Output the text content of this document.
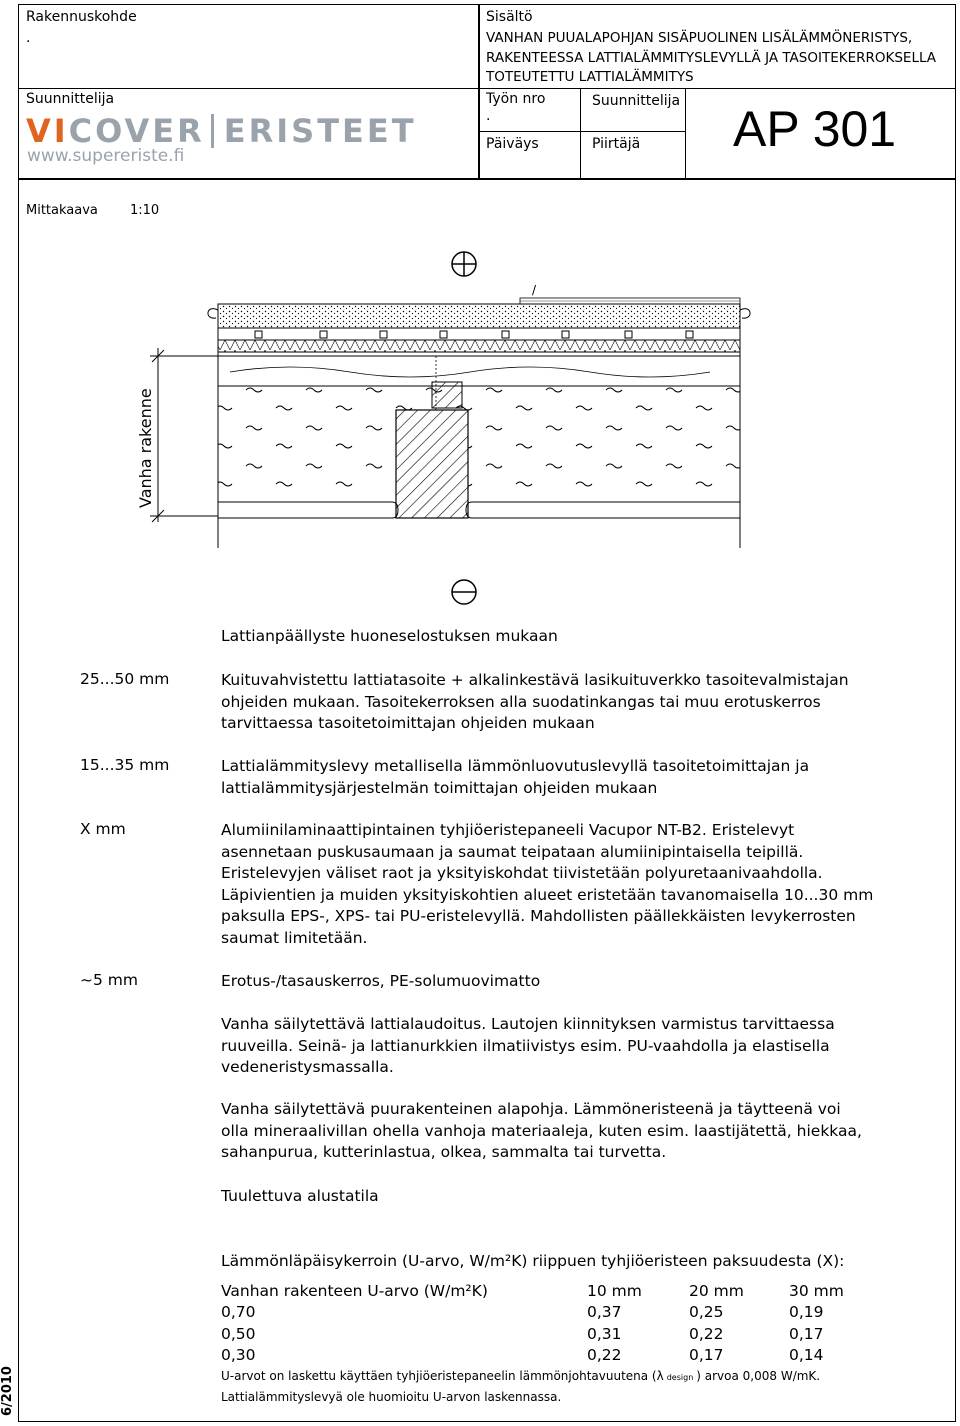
Rakennuskohde
.
Sisältö
VANHAN PUUALAPOHJAN SISÄPUOLINEN LISÄLÄMMÖNERISTYS,
RAKENTEESSA LATTIALÄMMITYSLEVYLLÄ JA TASOITEKERROKSELLA
TOTEUTETTU LATTIALÄMMITYS
Suunnittelija	Työn nro
.
Suunnittelija
Päiväys	Piirtäjä
VICOVER ERISTEET
www.supereriste.fi	AP 301
Mittakaava 1:10
/
Vanha rakenne
Lattianpäällyste huoneselostuksen mukaan
25...50 mm	Kuituvahvistettu lattiatasoite + alkalinkestävä lasikuituverkko tasoitevalmistajan
ohjeiden mukaan. Tasoitekerroksen alla suodatinkangas tai muu erotuskerros
tarvittaessa tasoitetoimittajan ohjeiden mukaan
15...35 mm	Lattialämmityslevy metallisella lämmönluovutuslevyllä tasoitetoimittajan ja
lattialämmitysjärjestelmän toimittajan ohjeiden mukaan
X mm	Alumiinilaminaattipintainen tyhjiöeristepaneeli Vacupor NT-B2. Eristelevyt
asennetaan puskusaumaan ja saumat teipataan alumiinipintaisella teipillä.
Eristelevyjen väliset raot ja yksityiskohdat tiivistetään polyuretaanivaahdolla.
Läpivientien ja muiden yksityiskohtien alueet eristetään tavanomaisella 10...30 mm
paksulla EPS-, XPS- tai PU-eristelevyllä. Mahdollisten päällekkäisten levykerrosten
saumat limitetään.
~5 mm	Erotus-/tasauskerros, PE-solumuovimatto
Vanha säilytettävä lattialaudoitus. Lautojen kiinnityksen varmistus tarvittaessa
ruuveilla. Seinä- ja lattianurkkien ilmatiivistys esim. PU-vaahdolla ja elastisella
vedeneristysmassalla.
Vanha säilytettävä puurakenteinen alapohja. Lämmöneristeenä ja täytteenä voi
olla mineraalivillan ohella vanhoja materiaaleja, kuten esim. laastijätettä, hiekkaa,
sahanpurua, kutterinlastua, olkea, sammalta tai turvetta.
Tuulettuva alustatila
Lämmönläpäisykerroin (U-arvo, W/m²K) riippuen tyhjiöeristeen paksuudesta (X):
Vanhan rakenteen U-arvo (W/m²K)	10 mm	20 mm	30 mm
0,70	0,37	0,25	0,19
0,50	0,31	0,22	0,17
0,30	0,22	0,17	0,14
U-arvot on laskettu käyttäen tyhjiöeristepaneelin lämmönjohtavuutena (λ design ) arvoa 0,008 W/mK.
Lattialämmityslevyä ole huomioitu U-arvon laskennassa.
6/2010
